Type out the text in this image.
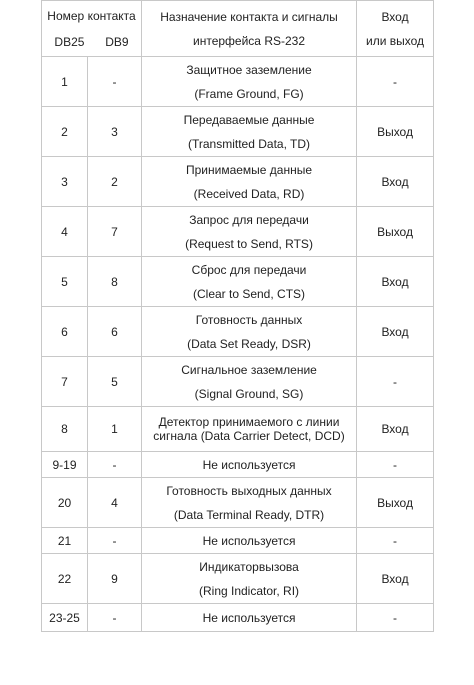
Номер контакта
DB25 DB9		Назначение контакта и сигналы
интерфейса RS-232	Вход
или выход

1	-	Защитное заземление
(Frame Ground, FG)	-
2	3	Передаваемые данные
(Transmitted Data, TD)	Выход
3	2	Принимаемые данные
(Received Data, RD)	Вход
4	7	Запрос для передачи
(Request to Send, RTS)	Выход
5	8	Сброс для передачи
(Clear to Send, CTS)	Вход
6	6	Готовность данных
(Data Set Ready, DSR)	Вход
7	5	Сигнальное заземление
(Signal Ground, SG)	-
8	1	Детектор принимаемого с линии
сигнала (Data Carrier Detect, DCD)	Вход
9-19	-	Не используется	-
20	4	Готовность выходных данных
(Data Terminal Ready, DTR)	Выход
21	-	Не используется	-
22	9	Индикаторвызова
(Ring Indicator, RI)	Вход
23-25	-	Не используется	-
